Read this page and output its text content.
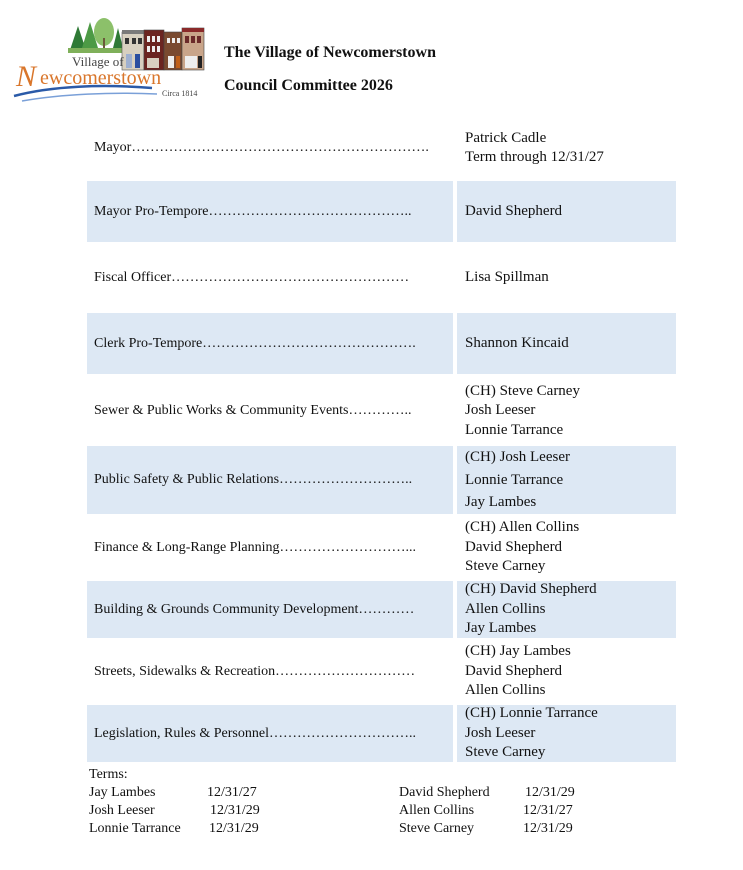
Village of
N ewcomerstown
Circa 1814
The Village of Newcomerstown
Council Committee 2026
Mayor……………………………………………………….
Patrick Cadle
Term through 12/31/27
Mayor Pro-Tempore……………………………………..	David Shepherd
Fiscal Officer……………………………………………	Lisa Spillman
Clerk Pro-Tempore……………………………………….	Shannon Kincaid
Sewer & Public Works & Community Events…………..
(CH) Steve Carney
Josh Leeser
Lonnie Tarrance
Public Safety & Public Relations………………………..
(CH) Josh Leeser
Lonnie Tarrance
Jay Lambes
Finance & Long-Range Planning………………………...
(CH) Allen Collins
David Shepherd
Steve Carney
Building & Grounds Community Development…………
(CH) David Shepherd
Allen Collins
Jay Lambes
Streets, Sidewalks & Recreation…………………………
(CH) Jay Lambes
David Shepherd
Allen Collins
Legislation, Rules & Personnel…………………………..
(CH) Lonnie Tarrance
Josh Leeser
Steve Carney
Terms:
Jay Lambes	12/31/27
Josh Leeser	12/31/29
Lonnie Tarrance 12/31/29
David Shepherd	12/31/29
Allen Collins	12/31/27
Steve Carney	12/31/29
